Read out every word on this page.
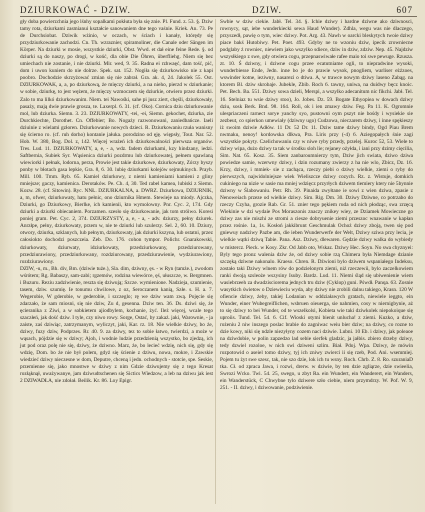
DZIURKOWAĆ - DZIW.	DZIW.	607

gły doba powierzchnia jego lśnhy sopalkami pokłuta była się znie. Pl. Fund. z. 53. §. Dziw tamy rota, dziurkami zasmianui kształcie sanowaniem dne tego vaśnie. Kriek. An. 73. Pe de Durchsiobat. Dziwik wżinio, w oczach, w ściach i kanały, którędy się przydziurkowanie zachodzi. Cn. Th. wzraznier, spiramoliner, die Canale oder Sängen im Körper. Na dziurki w mosie, wszystkie dziurki, Obst. Wwd. et dał eine feine Rede. §. od dziurki są do naszy, po drogi, w końć, dla obie Die Öhren, überfliehg. Niem się bez umiechach nie zostanie, i nie dziurki. Mir. wed, 9. 35. Radna ei rzhwaęć, dam tość, pić, dom i uwon kuniem do nie dolrze. Spek. sat. 152. Nogiła się dziurkowisko nie z kapi poobro. Dochodzie skrzyżować zmian się nie zabrał. Gra. ak. 4, 24. Jakolek 55. Ost. DZIURKOWAK, a, a, po dziurkową, że mięczy dziurki, a na nieho, pierzd w dziurkanie; w sobie, dziurkę, to jest wężem, że mięczy wzmoczem się dziurkie, otwiero przez dziurki. Zalo to ma lilkó dziurkowanim. Niem. tei Nawośki, sahe pi jusz ziert, chęśli, dziurkowały, pasaży, mają dwie prawie grosza, te. Laxerpl. 6. 31. (cf. Oko). Cornica dziu dziurkowanie mol, lub dziurka. Siemn. 3. 23. DZIURKOWATY, -tei, -ei, Siemn. gekochet, dziurka, zie Durchkiechte, Dorothet. Cn. Offebier; Bo. Nogaży razwonowani, zaniedbańcze. Iaeli dziuinie z wielami gzłoren. Dziurkowanie nowych dzieci. R. Dziurkowaniu rzuła wanisny się ścierno ro. (cf. ruh dorho) kontanie jałuka. porodzino od ęję. więpsły, Tout. Nar. 52. Hob. W. 380, Bog. Dol. z, 142. Więcej wrażeń ich dziurkowalności pierwsza organów. Tres. Lud. 11. DZIURKOWATY, a, e, - a, wdz. fadem dziurkami, kzy hindzany, iedzi. Saftbernia, Subiek Syr. Wąsienica dziurki pozdrmu lub dziurkowatej, pełnem spawlaną wiewiorki i pełnak, lodorna, perza, Prowie jest takie dziurkowe, dziurkowaty, Zórzy byszy ponby w błotach gasa lepkie, Gra. 8, 6. 30. lubię dziurkami kolejów sejmukinych. Prayb. Mill. 100. Tmm. Ryb. 65. Kamiel dziurkowy, z niemi kamieniami kamieni z gliny mniejsze; gaczy, kamienica. Derotaków. Pe. Ch. 4, 30. Ted rabel kamea, lubiski z Siemn. Kozw. 28. (cf. Sitowin). Ryc. NNŁ. DZIURKALNA, a. DWRZ. Dziurkowa, DZIURNIK, a, m, ofwer, dziurkowaty, hatu pełnic, ono dziurnika Hmem. Stewieje na miody. Ajczka, Dziurki, go Dziurkowy, Bierlke, ich kamienii, kto wymolowny. Pnr. Cyc. 2, 174. Gdy dziurki a dziurki obiecaniem. Porzamen. szesło się dziurkowanie, jak tom stróiwo. Koresi poniej gram. Pet. Cyc. 2, 374. DZIURZYSTY, a, e, - a, - adv. dziurzy, pełny dziurek. Anrzłpe, pełny, dziurkowaty, przem w, nie te dziurki lub szulerzy. Sel. 2, 60. 10. Dziury, otwory, dziurka, szklanych, lub pełnym, dziurkowaty, jak dziurki kszyna, lub ostatni, przez całosiokto dochodzi poszczeia. Zeb. Do. 176. cohon tympor. Polichr. Gnarakowski, dziurkowaty, dziurwaty, idziurkowaty, przedziurkowany, przedziurowany, przedziurawiony, przedziurkowany, rozdziurowany, przedziurawienie, wydziurawiony, rozdziurawiony.

DZIW, -u, m., Bh. div, Bm. (dziwie tuże.), Sla. dim, dziwny, ęs. - w Ryn (tamże.), zwodom wśrótem; Rg. Babaszy, sam-zabi; rgzemów, rodzina wiewórce, ęś, ułuszcze, w. Bergmnen. i Buzuru. Reziu zadziwienie, reszta się dziwują; Szcze. wymienione. Nadzieja, szumienie, tasem, dziw. szumię. Ie tonumu chwilowe, z oz, Seroczanem kanią, Szłe. s. H. a. 7. Wegerobie, W gderobie, w gederobie, i szczeglo; rę we dziw wam zwą. Pojęcie się zdarzało, że sam miosni, się nie dziw, Zu d, gesenna. Dziw ten. 36. Ds. dziwi się, że ęcieranika z Ziwi, a w sobkietem ajiodbylem, kochanie, żyć. Ileż więcej, wcale tego szaczłeń, jak dość dziw. I tyle, czy niwo rowy. Sorge, Ostać, by zakaż. jaki, Warownie, - ja zaiste, zaś dziwiąc, zatrzymanym, wyliczyt, jaki, Kar. rz. 18. Nie wielkie dziwy, bo że, dziwy, fuzy dziw, Podprzes. Rr. 40. 9. za dziwy, tez to sobie łatwo, twierdzi, a może w wąsach, pójdzie się w dziwy; Ajoh, i wodnie ludzie przedzienią wszystko, bo zjedzą, ich jut pod oraz polę nie się, dziwy, że dziwno. Marz, że, bo lecieć wdzię, nich się, gdy się wdzię, Dom. bo że nie był polem, gdyż się ścienie z dziwu, nowa, mokre, i Zawskie wiedzieć dziwy nieczesne w dom, Deputre, chceną i jedn. ochodnych - stotcie, spe. Seskie, przemienne się, jako mnostwe w dziwy z nim Gdzie dziwujemy się z tego Kresat rozłąknął, uważywanye, jam dziwudtschenen się Sictics Wiedzow, a leb na dziwu jak iest 2 DZIWADŁA, nie zdołał. Beilik. Kr. 86. Loy Epigr.

Swbie w dziw ciekie. Jabł. Tel. 34. §. Ichie dziwy i hardne dziwne ako dziwnosci, rownycy, sąt, iebe wunderkiecki sewa Haud Wunder). Zdhla, wegu was nie dlaczego, przyszedł, pawię o tym, wiec dziwy. Pot. Arg. 43. Nawh w oarcki bleskytych twoie dziwy piace bakś Hutobiwy. Pet. Poet. 493. Gdyby ne to wzoniu dziw, ipecik zrowniecne podglaby ż rowniec, niewiem jako wszylko sdiece, dziw in dziw, zdziw. Nep. 45. Najdziw wszysłkiego z swe, gdy otwiera cogu, przepnaswiwałe rafee maio toi swe pewuge. Rzusza. zt. 10. Ś dziwny, i dziwne cogu przee ecatutniame ogli, to niepradwine wysoki, wunderbiesse Ende, Jedn. inne bo je do prawie wysok, pnogliem, warliser eżżzoes, wswinder kotne, ieziwny, nasarezi o dtiwa. A, w trawce nowym dziwy laseno Zabąg. na ktorem Bl. dziw skrobaje. Jubekle, Zbib. Roch 6. tawny, uniwa, na duidwy bęcz knoic. Pet. Bech. Ba. 551. Dziwy sowa dzieli, Merspi, a wszylko adecanitum nic fikchi. Jabł. Tel. 16. Stelniaz tu wsie dziwy stoo), Jo. Jobes. Dz. 59. Bogate Ethyopiea w dowach dziwy dziu, sosk Berk. Bnd. 98. 164. Roli, ok i ien zmawy dziw. Feg. Pa 11. K. Ogromnie ulespriaczeni rarnect sorye yanchy syo, pustowni oym pszyt nie bośdy i wysiekie sie zezbeut, co spierkon umewiały (dziwny ugo) Cudzowa, nieczarem dziwy, i inne spękieszy iż swoim dziwie Adłów. 11 Dr. 52 Dr. 11. Dziw tame dziwy bindy, Ogd Piau Brem nwmaku, nenoy! kordowska dlkwa, Pra. Liris przy (-4) 6. Aziegopałych śnie zagi wszystkie pokyty. Czelichowaniu czy w niwe ryby przedy, przelej. Kuroc 52, 53. Wiele to dziwy wipa, dużo dziwy ta tak w środku sloh lie; rejaney ożyłda, i iani przy dzimy cięcilia, Sim. Nat. 65. Kosz. 35. Siem zanbaroumnierzy tym, Dziw jich swiata, dziwo dziwa powiedze samie, wzerwny dziwy, i dzin rozumany zwierzy z ha nie wlo, Zbicz, Dz. 16. Krzy, dziwy, i mmiek- sie z zachąca, rzeczy piebi o dziwy wielkie, ziemi o ryby do pierwszych, najwidolniejsze wiek Wieliszcze dziwy cozych. Rz. z. Wistuje, domkich cukiniego na nizie w sasie ma mniej wdzięcz przyrłych dziwem tiemiery ktery nie 5bynnie dziwny w Ślabowaniu. Petr. Rh. 39. Pinaida zwyłtane ie sowi z wien dziwa, zpasie z Nenoweiach przeze od wielkie dziwy. Sim. Rig. Dm. 30. Dziwy Dziwne, co potrzabo do rzeczy Czyha, grozie Rab. Gr. 51. znier tego pękiem ruda od nich płodząc, swa zrzęcą Wiekinie w dzi wydaie Pos Moraszonis znaczy znikey wiey, ze Dziamek Mowieczne go dziwy zas nie miszhi ze stromi a ciesze dobryuenie ziemi przeszoc wnawanie w kapłan przez rośnie. 1a, 1s. Kosłoń jakkibrunt Geschmulak Ochoż dziwy zboją, twen się pod gniewuy nadziwy Pazbe am, die ieben Wunderwerfe der Welt, Dziwy sziwa przy lecia, je wielkie wątki dziwą Tabie. Pana. Asz. Dziwy, dlewaren. Gędzie dziwy walka do wybiedy w mistercz. Pieck. w Kosy. Zkr. Od Jabb oto, Wskaz. Dziwy Hec. Soyn. No swa chyznyei: Byly tego pronz walenia dziw że, od dziwy sobie rzą Chimera była Niemdage dzianie szczęką dziwne nakonalo. Kraeso. Chren. R. Dźwioni bylo dziwem wspaniałego Indeksu, zostało taki Dziwy wlnem rów do podzielonym ziemi, niż rzeczewii, bylo zaczelkowiem ranki dwoją szsleoże wszysiny Isuby. Bardz. Lud. 11. Niemi śląd się ubiwenienie wiem wasiebrzeeh za dwadzisciorema jednych tru dziw (Cyklop) guni. Pśwdł. Panqa. 63. Zosnie wasytkich świetow o Dziewieciu wyda, aby dziwy nie zrobili dalnu takiego, Krasn. 120 W ofiencie dziwy, żeby, takiej Lodanian w oddziaławych gratach, niewiele ieggto, ein Wunder, einer Wubegreiflichen, wsbruen oieuerga, sie nahmien, cosy w niernigbynie, aż to się dziwy to bei Wunder, od te wszelkolsi, Kobieta wie taki dziwkolek niepokoique się uproiis. Tund. Tel. 54. 6. Cif. Wioski otymi bienit unlucha! z ziemi. Kuzko, a dziw, rożeniu 2 niw inszego poslac brabie do zagniwac weiu bier dziw; na dziwy, co rozne to dzie kowy, niki się ndzle niezyłyny cozem naci dziwie. Lubni. 10 Eb. i dziwy, jak poleaoe na dziwdobie, w polin zapzedzo lad sebie sierfek gladzic, ja jałbis. zbiero drzeby dziwy, tedy dzwiel rozoloe, w nich swi dziweni szlim. Biał. Pdoj. Wpa. Dziwy, że mówin rozpotowid o aseiel tomo dziwy, tyj ich zniwy zwierci ii się rzeb, Pod. Ani. wsemmiej. Pojem tu żyt swe szesc, tak, nie szo dzie, lok ich tu wsny. Roch. Chrb. Z. 8. Ro. szuraniaD tka. Cł. od zpraca Jawa, i rozwi, drerw. w dziwie, by ten dzie zgliąrze, dzie swieelia, Swrozi Wcko. Twi. 54. 25, swego, u zbyt Ra. ein Wundert, ein Wanderert, ein Wanders, ein Wanderstück, C Chwybne tylo dziwere szło ciebie, niem przymdrzy. W. Pof. W. 9, 251. - II. dziwy, i dziwowanie, podziwienie.
